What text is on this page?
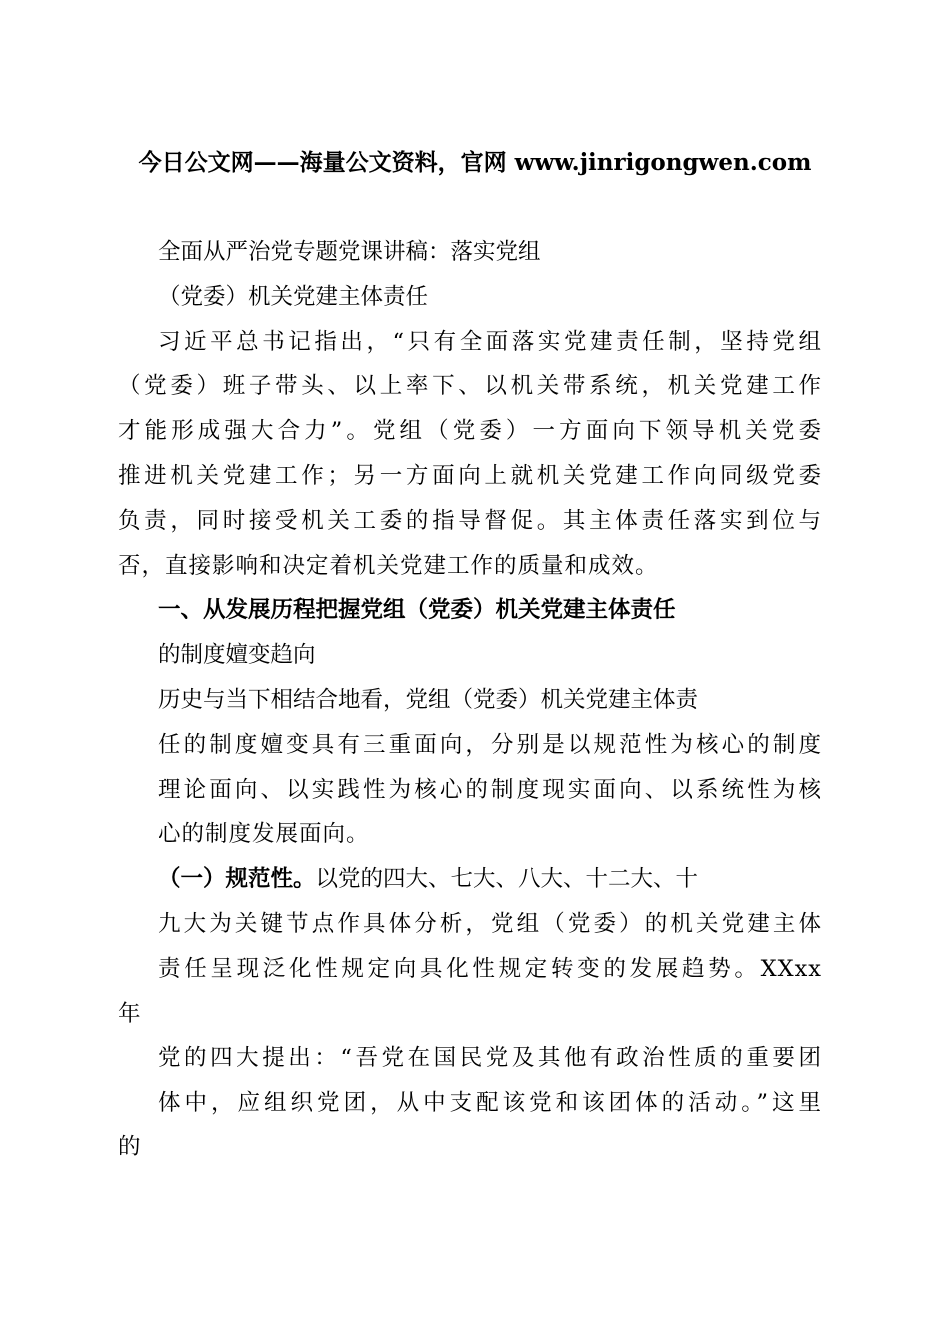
今日公文网——海量公文资料，官网 www.jinrigongwen.com
全面从严治党专题党课讲稿：落实党组
（党委）机关党建主体责任
习近平总书记指出，“只有全面落实党建责任制，坚持党组
（党委）班子带头、以上率下、以机关带系统，机关党建工作
才能形成强大合力”。党组（党委）一方面向下领导机关党委
推进机关党建工作；另一方面向上就机关党建工作向同级党委
负责，同时接受机关工委的指导督促。其主体责任落实到位与
否，直接影响和决定着机关党建工作的质量和成效。
一、从发展历程把握党组（党委）机关党建主体责任
的制度嬗变趋向
历史与当下相结合地看，党组（党委）机关党建主体责
任的制度嬗变具有三重面向，分别是以规范性为核心的制度
理论面向、以实践性为核心的制度现实面向、以系统性为核
心的制度发展面向。
（一）规范性。以党的四大、七大、八大、十二大、十
九大为关键节点作具体分析，党组（党委）的机关党建主体
责任呈现泛化性规定向具化性规定转变的发展趋势。XXxx
年
党的四大提出：“吾党在国民党及其他有政治性质的重要团
体中，应组织党团，从中支配该党和该团体的活动。”这里
的
